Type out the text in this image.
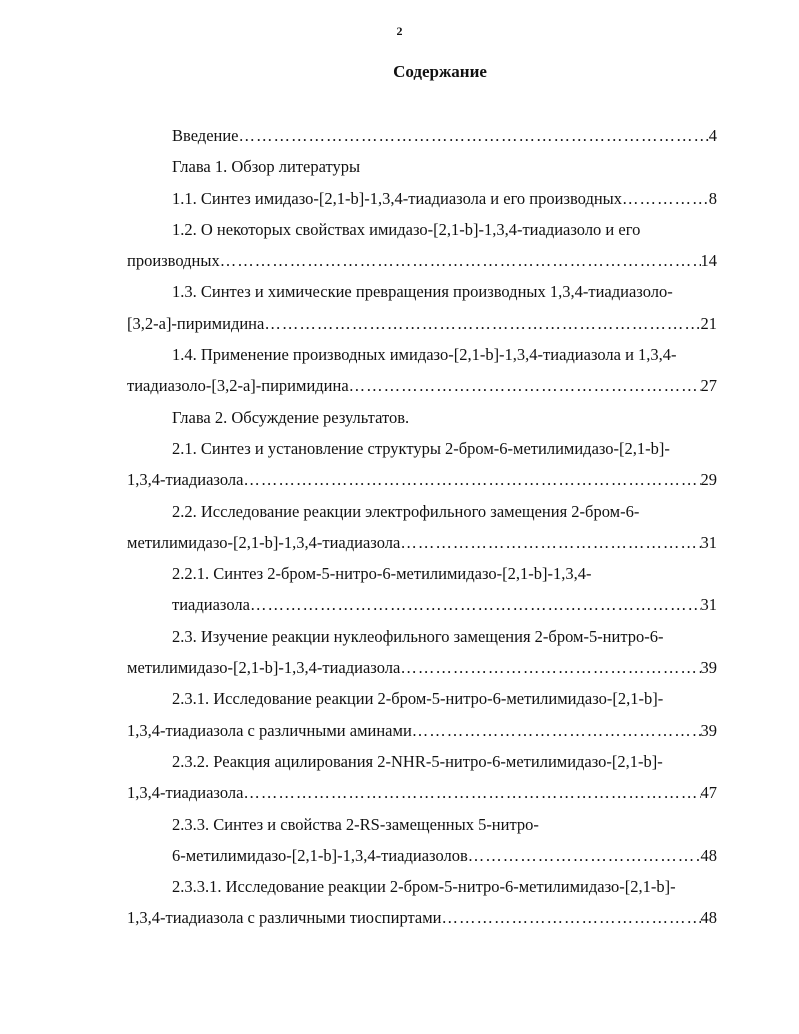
2
Содержание
Введение ……………………………………………………………………………………………………………………………………	4
Глава 1. Обзор литературы
1.1. Синтез имидазо-[2,1-b]-1,3,4-тиадиазола и его производных ……………………………………………………………………………………………………………………………………	8
1.2. О некоторых свойствах имидазо-[2,1-b]-1,3,4-тиадиазоло и его
производных ……………………………………………………………………………………………………………………………………	14
1.3. Синтез и химические превращения производных 1,3,4-тиадиазоло-
[3,2-а]-пиримидина ……………………………………………………………………………………………………………………………………	21
1.4. Применение производных имидазо-[2,1-b]-1,3,4-тиадиазола и 1,3,4-
тиадиазоло-[3,2-а]-пиримидина ……………………………………………………………………………………………………………………………………	27
Глава 2. Обсуждение результатов.
2.1. Синтез и установление структуры 2-бром-6-метилимидазо-[2,1-b]-
1,3,4-тиадиазола ……………………………………………………………………………………………………………………………………	29
2.2. Исследование реакции электрофильного замещения 2-бром-6-
метилимидазо-[2,1-b]-1,3,4-тиадиазола ……………………………………………………………………………………………………………………………………	31
2.2.1. Синтез 2-бром-5-нитро-6-метилимидазо-[2,1-b]-1,3,4-
тиадиазола ……………………………………………………………………………………………………………………………………	31
2.3. Изучение реакции нуклеофильного замещения 2-бром-5-нитро-6-
метилимидазо-[2,1-b]-1,3,4-тиадиазола ……………………………………………………………………………………………………………………………………	39
2.3.1. Исследование реакции 2-бром-5-нитро-6-метилимидазо-[2,1-b]-
1,3,4-тиадиазола с различными аминами ……………………………………………………………………………………………………………………………………	39
2.3.2. Реакция ацилирования 2-NHR-5-нитро-6-метилимидазо-[2,1-b]-
1,3,4-тиадиазола ……………………………………………………………………………………………………………………………………	47
2.3.3. Синтез и свойства 2-RS-замещенных 5-нитро-
6-метилимидазо-[2,1-b]-1,3,4-тиадиазолов ……………………………………………………………………………………………………………………………………	48
2.3.3.1. Исследование реакции 2-бром-5-нитро-6-метилимидазо-[2,1-b]-
1,3,4-тиадиазола с различными тиоспиртами ……………………………………………………………………………………………………………………………………	48
